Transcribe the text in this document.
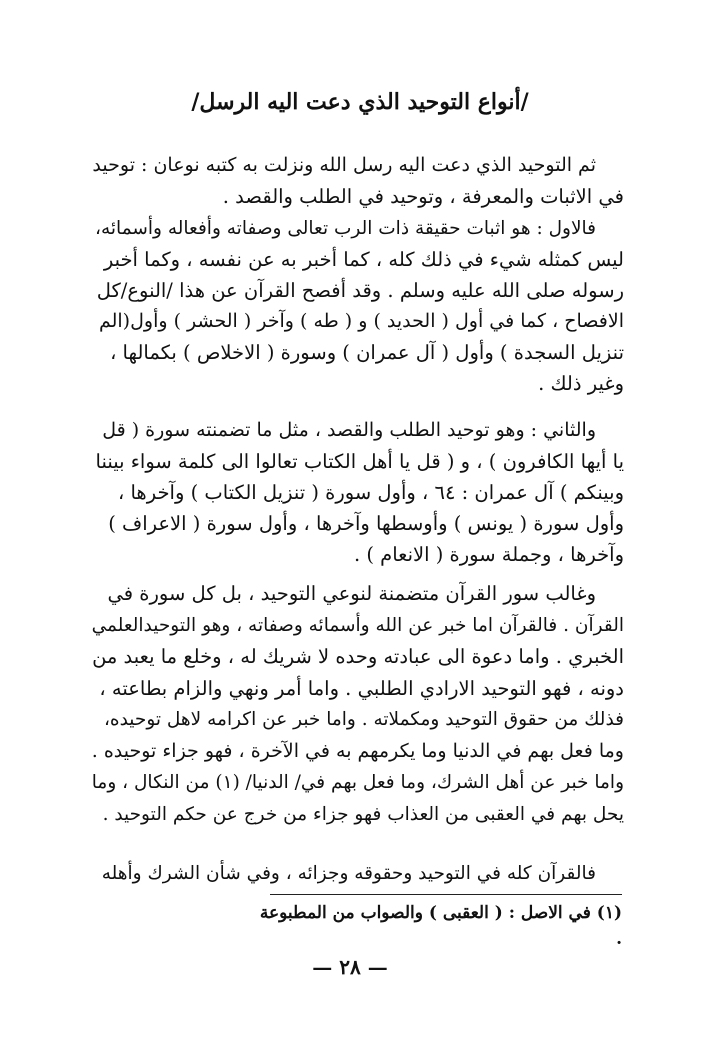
/أنواع التوحيد الذي دعت اليه الرسل/

ثم التوحيد الذي دعت اليه رسل الله ونزلت به كتبه نوعان : توحيد
في الاثبات والمعرفة ، وتوحيد في الطلب والقصد .

فالاول : هو اثبات حقيقة ذات الرب تعالى وصفاته وأفعاله وأسمائه،
ليس كمثله شيء في ذلك كله ، كما أخبر به عن نفسه ، وكما أخبر
رسوله صلى الله عليه وسلم . وقد أفصح القرآن عن هذا /النوع/كل
الافصاح ، كما في أول ( الحديد ) و ( طه ) وآخر ( الحشر ) وأول(الم
تنزيل السجدة ) وأول ( آل عمران ) وسورة ( الاخلاص ) بكمالها ،
وغير ذلك .

والثاني : وهو توحيد الطلب والقصد ، مثل ما تضمنته سورة ( قل
يا أيها الكافرون ) ، و ( قل يا أهل الكتاب تعالوا الى كلمة سواء بيننا
وبينكم ) آل عمران : ٦٤ ، وأول سورة ( تنزيل الكتاب ) وآخرها ،
وأول سورة ( يونس ) وأوسطها وآخرها ، وأول سورة ( الاعراف )
وآخرها ، وجملة سورة ( الانعام ) .

وغالب سور القرآن متضمنة لنوعي التوحيد ، بل كل سورة في
القرآن . فالقرآن اما خبر عن الله وأسمائه وصفاته ، وهو التوحيدالعلمي
الخبري . واما دعوة الى عبادته وحده لا شريك له ، وخلع ما يعبد من
دونه ، فهو التوحيد الارادي الطلبي . واما أمر ونهي والزام بطاعته ،
فذلك من حقوق التوحيد ومكملاته . واما خبر عن اكرامه لاهل توحيده،
وما فعل بهم في الدنيا وما يكرمهم به في الآخرة ، فهو جزاء توحيده .
واما خبر عن أهل الشرك، وما فعل بهم في/ الدنيا/ (١) من النكال ، وما
يحل بهم في العقبى من العذاب فهو جزاء من خرج عن حكم التوحيد .

فالقرآن كله في التوحيد وحقوقه وجزائه ، وفي شأن الشرك وأهله

(١) في الاصل : ( العقبى ) والصواب من المطبوعة .
— ٢٨ —
